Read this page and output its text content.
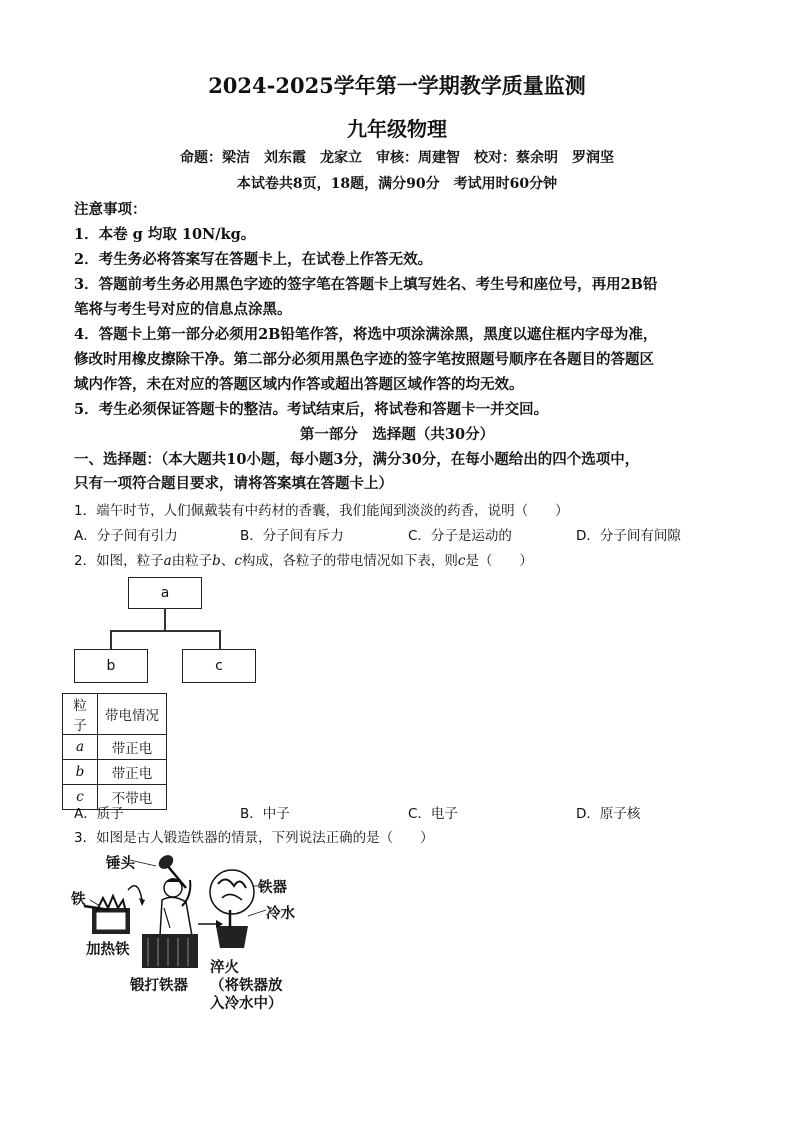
2024-2025学年第一学期教学质量监测
九年级物理
命题：梁洁　刘东霞　龙家立　审核：周建智　校对：蔡余明　罗润坚
本试卷共8页，18题，满分90分　考试用时60分钟
注意事项：
1．本卷 g 均取 10N/kg。
2．考生务必将答案写在答题卡上，在试卷上作答无效。
3．答题前考生务必用黑色字迹的签字笔在答题卡上填写姓名、考生号和座位号，再用2B铅
笔将与考生号对应的信息点涂黑。
4．答题卡上第一部分必须用2B铅笔作答，将选中项涂满涂黑，黑度以遮住框内字母为准，
修改时用橡皮擦除干净。第二部分必须用黑色字迹的签字笔按照题号顺序在各题目的答题区
域内作答，未在对应的答题区域内作答或超出答题区域作答的均无效。
5．考生必须保证答题卡的整洁。考试结束后，将试卷和答题卡一并交回。
第一部分　选择题（共30分）
一、选择题：（本大题共10小题，每小题3分，满分30分，在每小题给出的四个选项中，
只有一项符合题目要求，请将答案填在答题卡上）
1．端午时节，人们佩戴装有中药材的香囊，我们能闻到淡淡的药香，说明（　　）
A．分子间有引力	B．分子间有斥力	C．分子是运动的	D．分子间有间隙
2．如图，粒子a由粒子b、c构成，各粒子的带电情况如下表，则c是（　　）
a
b	c
粒子	带电情况
a	带正电
b	带正电
c	不带电
A．质子	B．中子	C．电子	D．原子核
3．如图是古人锻造铁器的情景，下列说法正确的是（　　）
锤头
铁
加热铁
锻打铁器
铁器
冷水
淬火
（将铁器放
入冷水中）
